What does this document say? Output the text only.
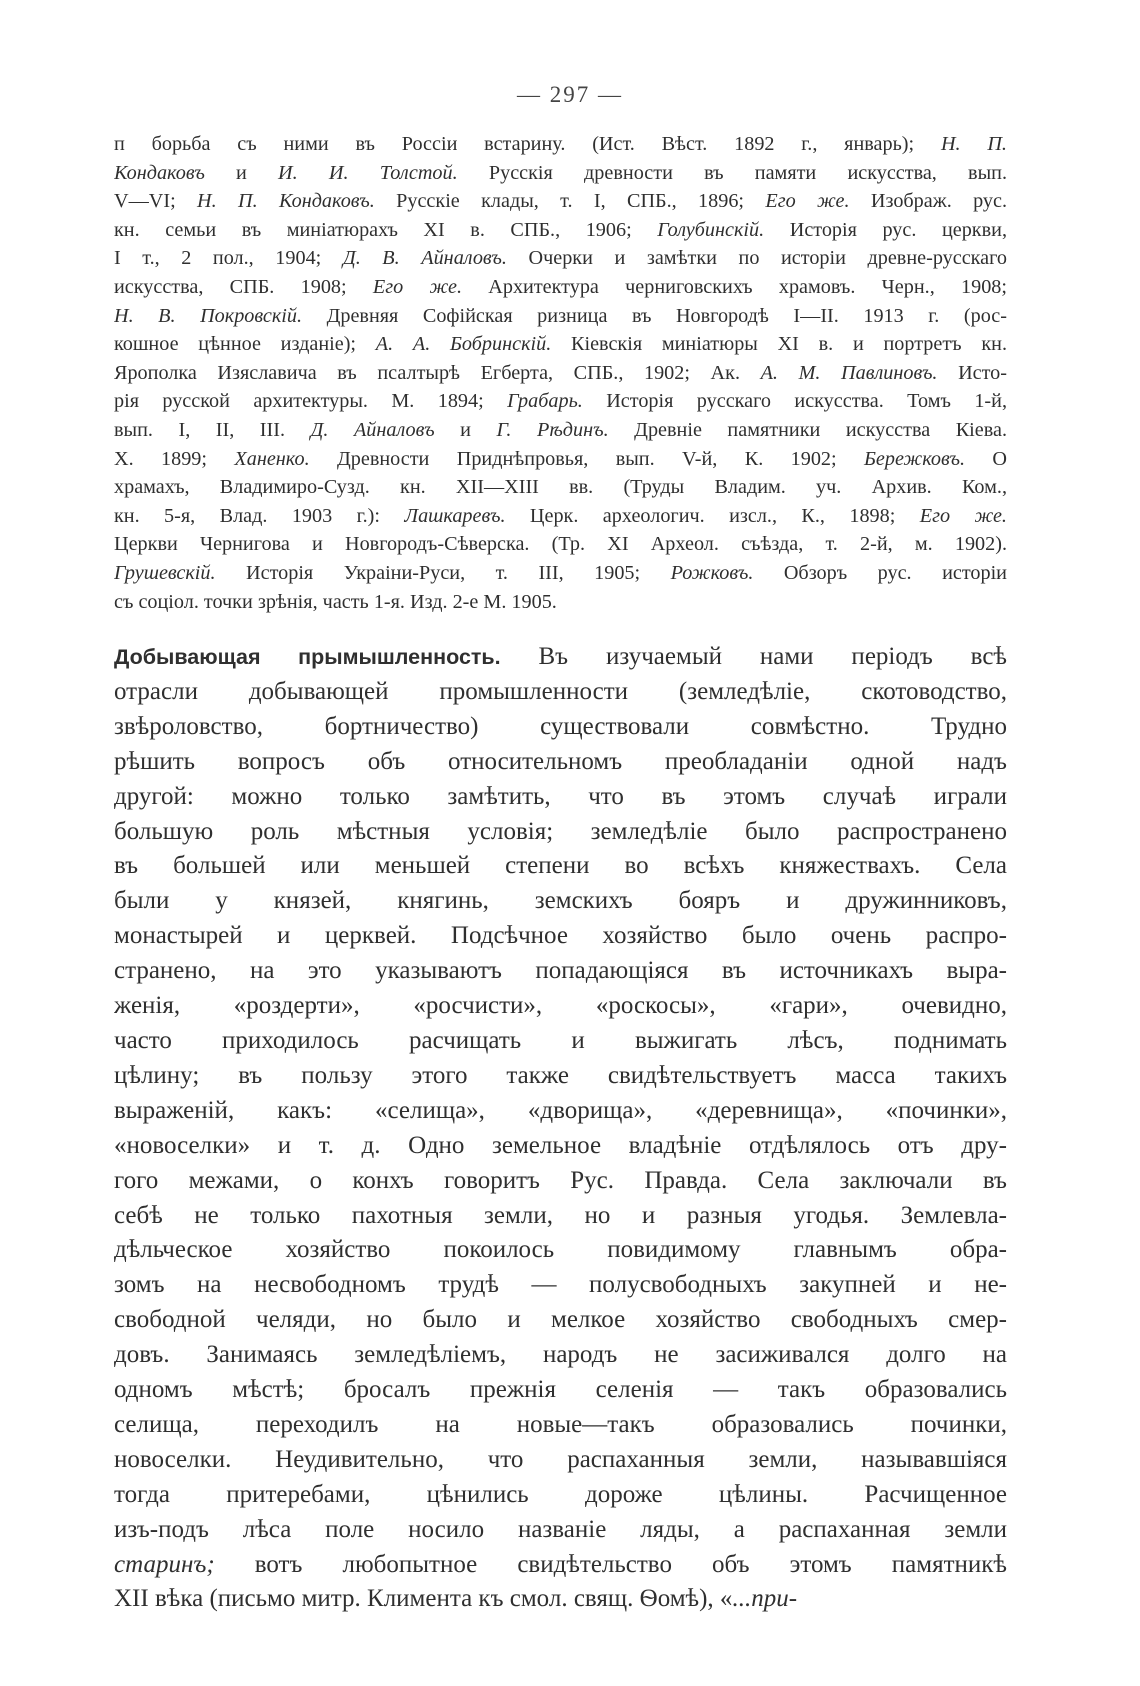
— 297 —
п борьба съ ними въ Россіи встарину. (Ист. Вѣст. 1892 г., январь); Н. П.
Кондаковъ и И. И. Толстой. Русскія древности въ памяти искусства, вып.
V—VI; Н. П. Кондаковъ. Русскіе клады, т. I, СПБ., 1896; Его же. Изображ. рус.
кн. семьи въ миніатюрахъ XI в. СПБ., 1906; Голубинскій. Исторія рус. церкви,
I т., 2 пол., 1904; Д. В. Айналовъ. Очерки и замѣтки по исторіи древне-русскаго
искусства, СПБ. 1908; Его же. Архитектура черниговскихъ храмовъ. Черн., 1908;
Н. В. Покровскій. Древняя Софійская ризница въ Новгородѣ I—II. 1913 г. (рос-
кошное цѣнное изданіе); А. А. Бобринскій. Кіевскія миніатюры XI в. и портретъ кн.
Ярополка Изяславича въ псалтырѣ Егберта, СПБ., 1902; Ак. А. М. Павлиновъ. Исто-
рія русской архитектуры. М. 1894; Грабарь. Исторія русскаго искусства. Томъ 1-й,
вып. I, II, III. Д. Айналовъ и Г. Рѣдинъ. Древніе памятники искусства Кіева.
Х. 1899; Ханенко. Древности Приднѣпровья, вып. V-й, К. 1902; Бережковъ. О
храмахъ, Владимиро-Сузд. кн. XII—XIII вв. (Труды Владим. уч. Архив. Ком.,
кн. 5-я, Влад. 1903 г.): Лашкаревъ. Церк. археологич. изсл., К., 1898; Его же.
Церкви Чернигова и Новгородъ-Сѣверска. (Тр. XI Археол. съѣзда, т. 2-й, м. 1902).
Грушевскій. Исторія Украіни-Руси, т. III, 1905; Рожковъ. Обзоръ рус. исторіи
съ соціол. точки зрѣнія, часть 1-я. Изд. 2-е М. 1905.
Добывающая прымышленность. Въ изучаемый нами періодъ всѣ
отрасли добывающей промышленности (земледѣліе, скотоводство,
звѣроловство, бортничество) существовали совмѣстно. Трудно
рѣшить вопросъ объ относительномъ преобладаніи одной надъ
другой: можно только замѣтить, что въ этомъ случаѣ играли
большую роль мѣстныя условія; земледѣліе было распространено
въ большей или меньшей степени во всѣхъ княжествахъ. Села
были у князей, княгинь, земскихъ бояръ и дружинниковъ,
монастырей и церквей. Подсѣчное хозяйство было очень распро-
странено, на это указываютъ попадающіяся въ источникахъ выра-
женія, «роздерти», «росчисти», «роскосы», «гари», очевидно,
часто приходилось расчищать и выжигать лѣсъ, поднимать
цѣлину; въ пользу этого также свидѣтельствуетъ масса такихъ
выраженій, какъ: «селища», «дворища», «деревнища», «починки»,
«новоселки» и т. д. Одно земельное владѣніе отдѣлялось отъ дру-
гого межами, о конхъ говоритъ Рус. Правда. Села заключали въ
себѣ не только пахотныя земли, но и разныя угодья. Землевла-
дѣльческое хозяйство покоилось повидимому главнымъ обра-
зомъ на несвободномъ трудѣ — полусвободныхъ закупней и не-
свободной челяди, но было и мелкое хозяйство свободныхъ смер-
довъ. Занимаясь земледѣліемъ, народъ не засиживался долго на
одномъ мѣстѣ; бросалъ прежнія селенія — такъ образовались
селища, переходилъ на новые—такъ образовались починки,
новоселки. Неудивительно, что распаханныя земли, называвшіяся
тогда притеребами, цѣнились дороже цѣлины. Расчищенное
изъ-подъ лѣса поле носило названіе ляды, а распаханная земли
старинъ; вотъ любопытное свидѣтельство объ этомъ памятникѣ
XII вѣка (письмо митр. Климента къ смол. свящ. Ѳомѣ), «...при-
